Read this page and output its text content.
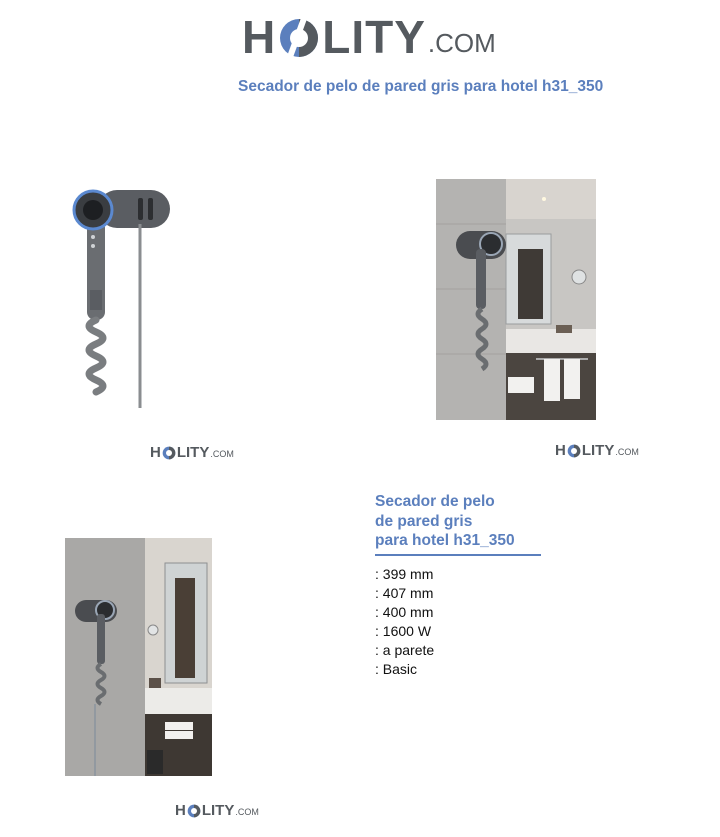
H LITY .COM
Secador de pelo de pared gris para hotel h31_350
H LITY .COM	H LITY .COM
Secador de pelo
de pared gris
para hotel h31_350
: 399 mm
: 407 mm
: 400 mm
: 1600 W
: a parete
: Basic
H LITY .COM
